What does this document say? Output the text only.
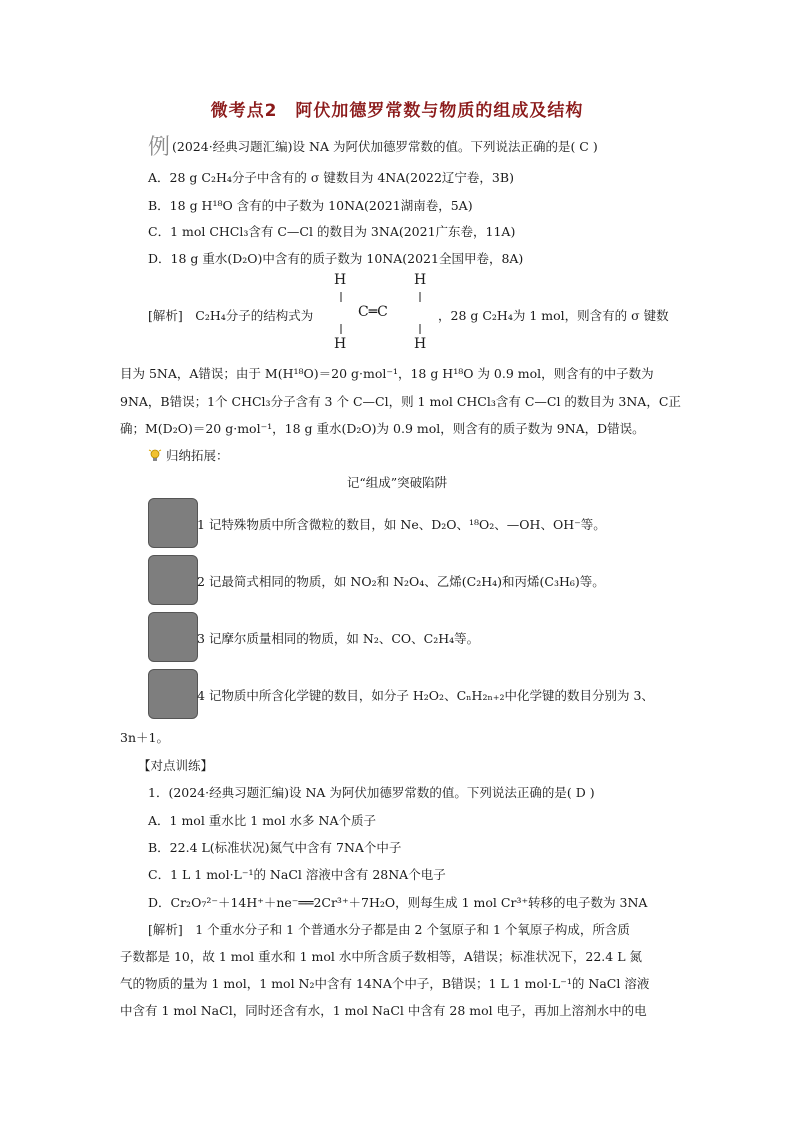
微考点2　阿伏加德罗常数与物质的组成及结构
例 (2024·经典习题汇编)设 NA 为阿伏加德罗常数的值。下列说法正确的是( C )
A．28 g C₂H₄分子中含有的 σ 键数目为 4NA(2022辽宁卷，3B)
B．18 g H¹⁸O 含有的中子数为 10NA(2021湖南卷，5A)
C．1 mol CHCl₃含有 C—Cl 的数目为 3NA(2021广东卷，11A)
D．18 g 重水(D₂O)中含有的质子数为 10NA(2021全国甲卷，8A)
H	H
C═C
H	H
[解析]　C₂H₄分子的结构式为	，28 g C₂H₄为 1 mol，则含有的 σ 键数
目为 5NA，A错误；由于 M(H¹⁸O)＝20 g·mol⁻¹，18 g H¹⁸O 为 0.9 mol，则含有的中子数为
9NA，B错误；1个 CHCl₃分子含有 3 个 C—Cl，则 1 mol CHCl₃含有 C—Cl 的数目为 3NA，C正
确；M(D₂O)＝20 g·mol⁻¹，18 g 重水(D₂O)为 0.9 mol，则含有的质子数为 9NA，D错误。
归纳拓展：
记“组成”突破陷阱
1 记特殊物质中所含微粒的数目，如 Ne、D₂O、¹⁸O₂、—OH、OH⁻等。
2 记最简式相同的物质，如 NO₂和 N₂O₄、乙烯(C₂H₄)和丙烯(C₃H₆)等。
3 记摩尔质量相同的物质，如 N₂、CO、C₂H₄等。
4 记物质中所含化学键的数目，如分子 H₂O₂、CₙH₂ₙ₊₂中化学键的数目分别为 3、
3n＋1。
【对点训练】
1．(2024·经典习题汇编)设 NA 为阿伏加德罗常数的值。下列说法正确的是( D )
A．1 mol 重水比 1 mol 水多 NA个质子
B．22.4 L(标准状况)氮气中含有 7NA个中子
C．1 L 1 mol·L⁻¹的 NaCl 溶液中含有 28NA个电子
D．Cr₂O₇²⁻＋14H⁺＋ne⁻══2Cr³⁺＋7H₂O，则每生成 1 mol Cr³⁺转移的电子数为 3NA
[解析]　1 个重水分子和 1 个普通水分子都是由 2 个氢原子和 1 个氧原子构成，所含质
子数都是 10，故 1 mol 重水和 1 mol 水中所含质子数相等，A错误；标准状况下，22.4 L 氮
气的物质的量为 1 mol，1 mol N₂中含有 14NA个中子，B错误；1 L 1 mol·L⁻¹的 NaCl 溶液
中含有 1 mol NaCl，同时还含有水，1 mol NaCl 中含有 28 mol 电子，再加上溶剂水中的电
